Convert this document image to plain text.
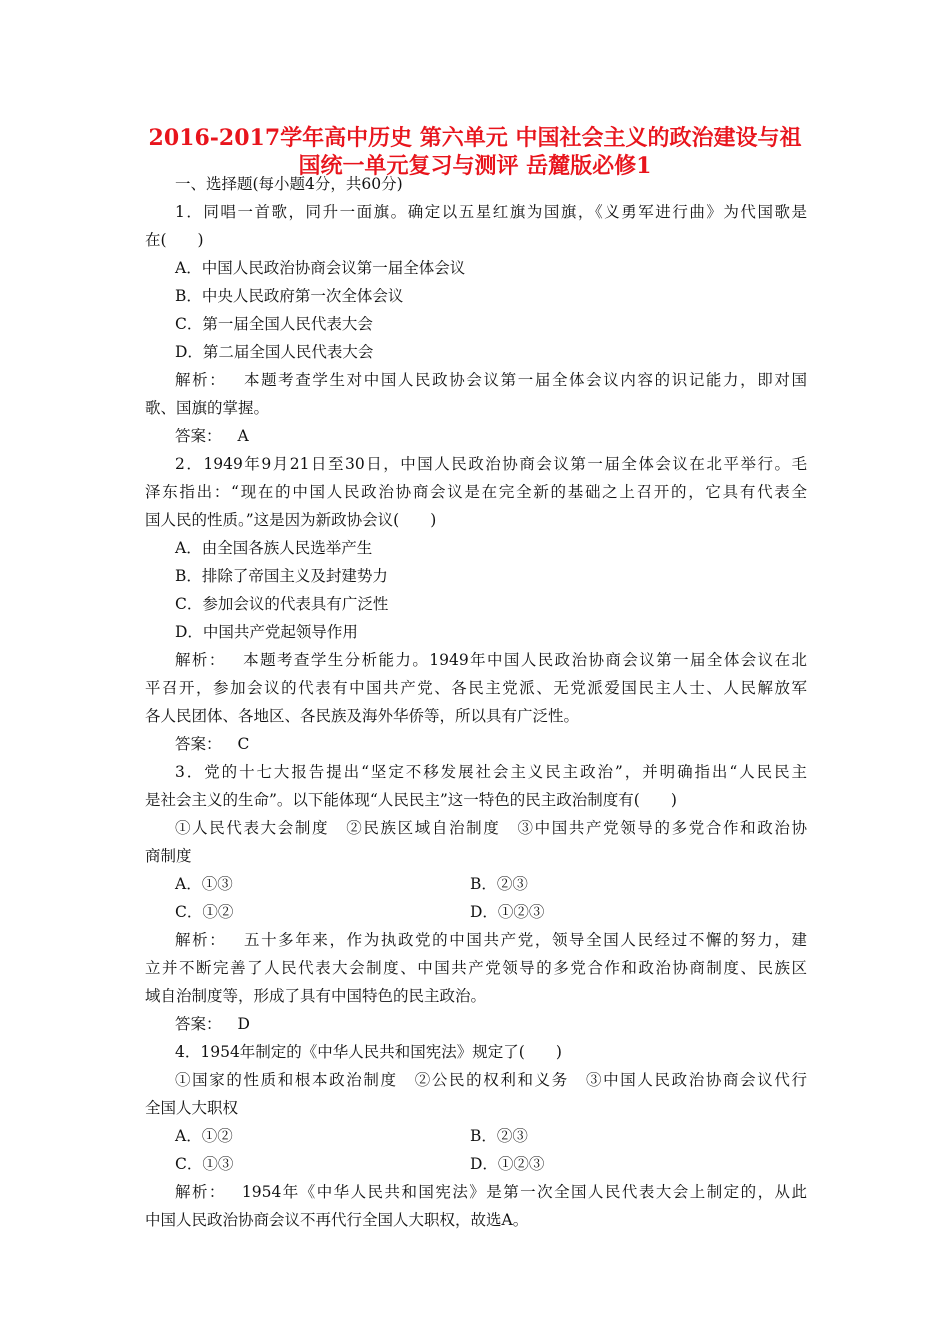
2016-2017学年高中历史 第六单元 中国社会主义的政治建设与祖
国统一单元复习与测评 岳麓版必修1
一、选择题(每小题4分，共60分)
1．同唱一首歌，同升一面旗。确定以五星红旗为国旗，《义勇军进行曲》为代国歌是
在(　　)
A．中国人民政治协商会议第一届全体会议
B．中央人民政府第一次全体会议
C．第一届全国人民代表大会
D．第二届全国人民代表大会
解析： 本题考查学生对中国人民政协会议第一届全体会议内容的识记能力，即对国
歌、国旗的掌握。
答案： A
2．1949年9月21日至30日，中国人民政治协商会议第一届全体会议在北平举行。毛
泽东指出：“现在的中国人民政治协商会议是在完全新的基础之上召开的，它具有代表全
国人民的性质。”这是因为新政协会议(　　)
A．由全国各族人民选举产生
B．排除了帝国主义及封建势力
C．参加会议的代表具有广泛性
D．中国共产党起领导作用
解析： 本题考查学生分析能力。1949年中国人民政治协商会议第一届全体会议在北
平召开，参加会议的代表有中国共产党、各民主党派、无党派爱国民主人士、人民解放军
各人民团体、各地区、各民族及海外华侨等，所以具有广泛性。
答案： C
3．党的十七大报告提出“坚定不移发展社会主义民主政治”，并明确指出“人民民主
是社会主义的生命”。以下能体现“人民民主”这一特色的民主政治制度有(　　)
①人民代表大会制度　②民族区域自治制度　③中国共产党领导的多党合作和政治协
商制度
A．①③	B．②③
C．①②	D．①②③
解析： 五十多年来，作为执政党的中国共产党，领导全国人民经过不懈的努力，建
立并不断完善了人民代表大会制度、中国共产党领导的多党合作和政治协商制度、民族区
域自治制度等，形成了具有中国特色的民主政治。
答案： D
4．1954年制定的《中华人民共和国宪法》规定了(　　)
①国家的性质和根本政治制度　②公民的权利和义务　③中国人民政治协商会议代行
全国人大职权
A．①②	B．②③
C．①③	D．①②③
解析： 1954年《中华人民共和国宪法》是第一次全国人民代表大会上制定的，从此
中国人民政治协商会议不再代行全国人大职权，故选A。
